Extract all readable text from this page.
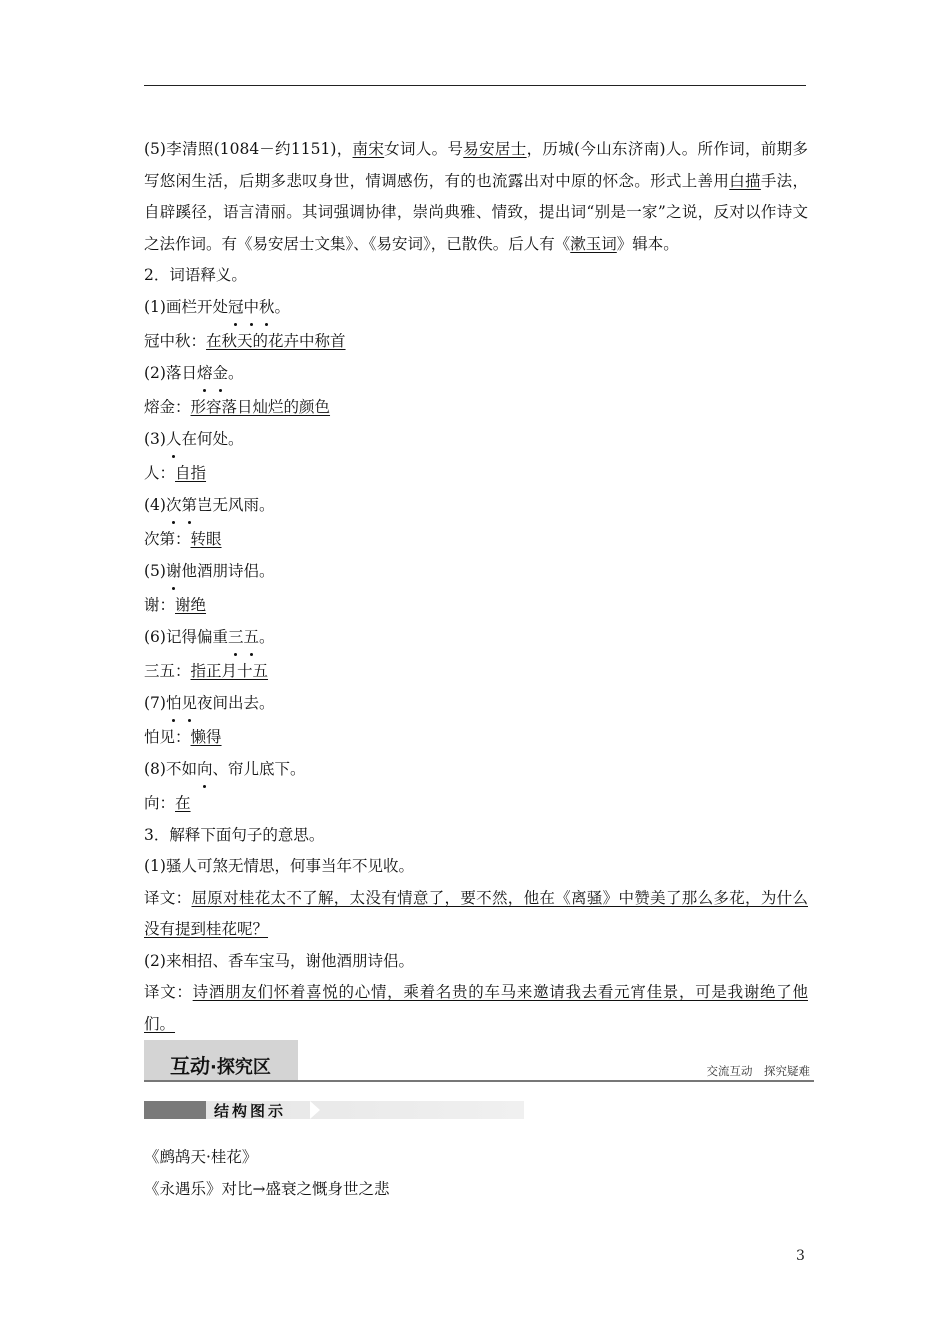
(5)李清照(1084－约1151)，南宋女词人。号易安居士，历城(今山东济南)人。所作词，前期多写悠闲生活，后期多悲叹身世，情调感伤，有的也流露出对中原的怀念。形式上善用白描手法，自辟蹊径，语言清丽。其词强调协律，崇尚典雅、情致，提出词“别是一家”之说，反对以作诗文之法作词。有《易安居士文集》、《易安词》，已散佚。后人有《漱玉词》辑本。

2．词语释义。

(1)画栏开处冠中秋。

冠中秋：在秋天的花卉中称首

(2)落日熔金。

熔金：形容落日灿烂的颜色

(3)人在何处。

人：自指

(4)次第岂无风雨。

次第：转眼

(5)谢他酒朋诗侣。

谢：谢绝

(6)记得偏重三五。

三五：指正月十五

(7)怕见夜间出去。

怕见：懒得

(8)不如向、帘儿底下。

向：在

3．解释下面句子的意思。

(1)骚人可煞无情思，何事当年不见收。

译文：屈原对桂花太不了解，太没有情意了，要不然，他在《离骚》中赞美了那么多花，为什么没有提到桂花呢？

(2)来相招、香车宝马，谢他酒朋诗侣。

译文：诗酒朋友们怀着喜悦的心情，乘着名贵的车马来邀请我去看元宵佳景，可是我谢绝了他们。

互动·探究区	交流互动　探究疑难
结构图示

《鹧鸪天·桂花》

《永遇乐》对比→盛衰之慨身世之悲

3
